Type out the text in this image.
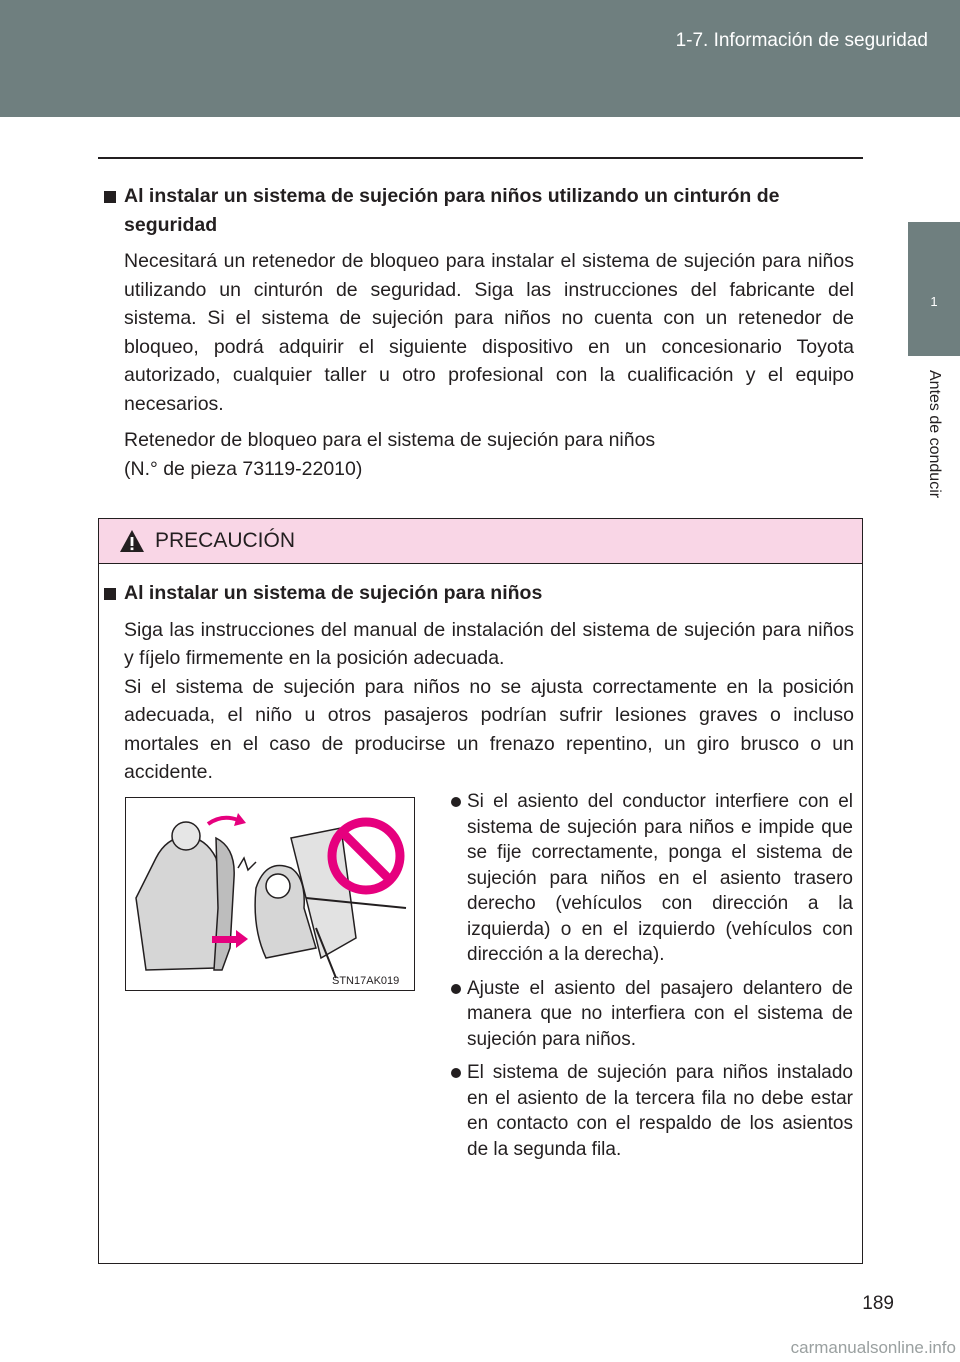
1-7. Información de seguridad
1
Antes de conducir
Al instalar un sistema de sujeción para niños utilizando un cinturón de seguridad
Necesitará un retenedor de bloqueo para instalar el sistema de sujeción para niños utilizando un cinturón de seguridad. Siga las instrucciones del fabricante del sistema. Si el sistema de sujeción para niños no cuenta con un retenedor de bloqueo, podrá adquirir el siguiente dispositivo en un concesionario Toyota autorizado, cualquier taller u otro profesional con la cualificación y el equipo necesarios.
Retenedor de bloqueo para el sistema de sujeción para niños
(N.° de pieza 73119-22010)
PRECAUCIÓN
Al instalar un sistema de sujeción para niños
Siga las instrucciones del manual de instalación del sistema de sujeción para niños y fíjelo firmemente en la posición adecuada.
Si el sistema de sujeción para niños no se ajusta correctamente en la posición adecuada, el niño u otros pasajeros podrían sufrir lesiones graves o incluso mortales en el caso de producirse un frenazo repentino, un giro brusco o un accidente.
STN17AK019
Si el asiento del conductor interfiere con el sistema de sujeción para niños e impide que se fije correctamente, ponga el sistema de sujeción para niños en el asiento trasero derecho (vehículos con dirección a la izquierda) o en el izquierdo (vehículos con dirección a la derecha).
Ajuste el asiento del pasajero delantero de manera que no interfiera con el sistema de sujeción para niños.
El sistema de sujeción para niños instalado en el asiento de la tercera fila no debe estar en contacto con el respaldo de los asientos de la segunda fila.
189
carmanualsonline.info
